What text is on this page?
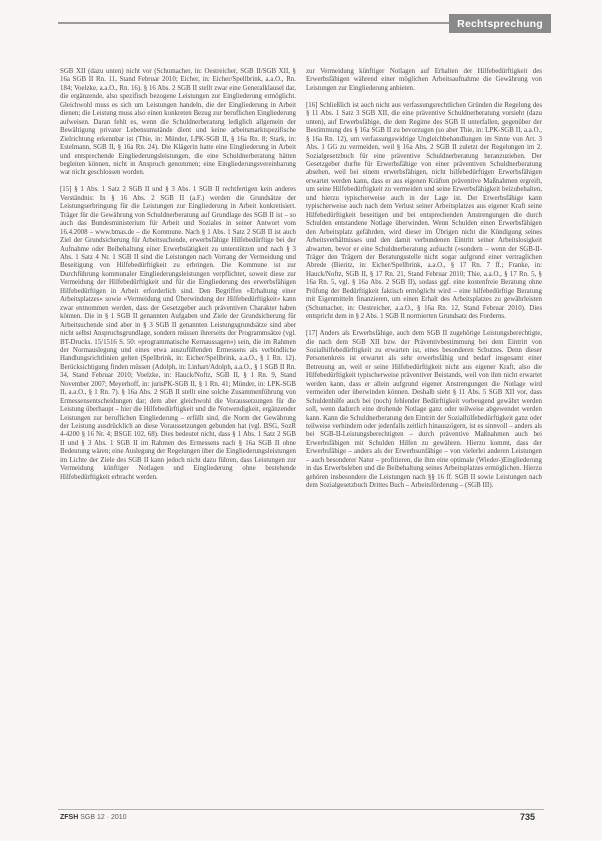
Rechtsprechung

SGB XII (dazu unten) nicht vor (Schumacher, in: Oestreicher, SGB II/SGB XII, § 16a SGB II Rn. 11, Stand Februar 2010; Eicher, in: Eicher/Spellbrink, a.a.O., Rn. 184; Voelzke, a.a.O., Rn. 16). § 16 Abs. 2 SGB II stellt zwar eine Generalklausel dar, die ergänzende, also spezifisch bezogene Leistungen zur Eingliederung ermöglicht. Gleichwohl muss es sich um Leistungen handeln, die der Eingliederung in Arbeit dienen; die Leistung muss also einen konkreten Bezug zur beruflichen Eingliederung aufweisen. Daran fehlt es, wenn die Schuldnerberatung lediglich allgemein der Bewältigung privater Lebensumstände dient und keine arbeitsmarktspezifische Zielrichtung erkennbar ist (Thie, in: Münder, LPK-SGB II, § 16a Rn. 8; Stark, in: Estelmann, SGB II, § 16a Rn. 24). Die Klägerin hatte eine Eingliederung in Arbeit und entsprechende Eingliederungsleistungen, die eine Schuldnerberatung hätten begleiten können, nicht in Anspruch genommen; eine Eingliederungsvereinbarung war nicht geschlossen worden.

[15] § 1 Abs. 1 Satz 2 SGB II und § 3 Abs. 1 SGB II rechtfertigen kein anderes Verständnis: In § 16 Abs. 2 SGB II (a.F.) werden die Grundsätze der Leistungserbringung für die Leistungen zur Eingliederung in Arbeit konkretisiert. Träger für die Gewährung von Schuldnerberatung auf Grundlage des SGB II ist – so auch das Bundesministerium für Arbeit und Soziales in seiner Antwort vom 16.4.2008 – www.bmas.de – die Kommune. Nach § 1 Abs. 1 Satz 2 SGB II ist auch Ziel der Grundsicherung für Arbeitsuchende, erwerbsfähige Hilfebedürftige bei der Aufnahme oder Beibehaltung einer Erwerbstätigkeit zu unterstützen und nach § 3 Abs. 1 Satz 4 Nr. 1 SGB II sind die Leistungen nach Vorrang der Vermeidung und Beseitigung von Hilfebedürftigkeit zu erbringen. Die Kommune ist zur Durchführung kommunaler Eingliederungsleistungen verpflichtet, soweit diese zur Vermeidung der Hilfebedürftigkeit und für die Eingliederung des erwerbsfähigen Hilfebedürftigen in Arbeit erforderlich sind. Den Begriffen »Erhaltung einer Arbeitsplatzes« sowie »Vermeidung und Überwindung der Hilfebedürftigkeit« kann zwar entnommen werden, dass der Gesetzgeber auch präventiven Charakter haben können. Die in § 1 SGB II genannten Aufgaben und Ziele der Grundsicherung für Arbeitsuchende sind aber in § 3 SGB II genannten Leistungsgrundsätze sind aber nicht selbst Anspruchsgrundlage, sondern müssen ihrerseits der Programmsätze (vgl. BT-Drucks. 15/1516 S. 50: »programmatische Kernaussagen«) sein, die im Rahmen der Normauslegung und eines etwa auszufüllenden Ermessens als verbindliche Handlungsrichtlinien gelten (Spellbrink, in: Eicher/Spellbrink, a.a.O., § 1 Rn. 12). Berücksichtigung finden müssen (Adolph, in: Linhart/Adolph, a.a.O., § 1 SGB II Rn. 34, Stand Februar 2010; Voelzke, in: Hauck/Noftz, SGB II, § 1 Rn. 9, Stand November 2007; Meyerhoff, in: jurisPK-SGB II, § 1 Rn. 41; Münder, in: LPK-SGB II, a.a.O., § 1 Rn. 7). § 16a Abs. 2 SGB II stellt eine solche Zusammenführung von Ermessensentscheidungen dar; dem aber gleichwohl die Voraussetzungen für die Leistung überhaupt – hier die Hilfebedürftigkeit und die Notwendigkeit, ergänzender Leistungen zur beruflichen Eingliederung – erfüllt sind, die Norm der Gewährung der Leistung ausdrücklich an diese Voraussetzungen gebunden hat (vgl. BSG, SozR 4-4200 § 16 Nr. 4; BSGE 102, 68). Dies bedeutet nicht, dass § 1 Abs. 1 Satz 2 SGB II und § 3 Abs. 1 SGB II im Rahmen des Ermessens nach § 16a SGB II ohne Bedeutung wären; eine Auslegung der Regelungen über die Eingliederungsleistungen im Lichte der Ziele des SGB II kann jedoch nicht dazu führen, dass Leistungen zur Vermeidung künftiger Notlagen und Eingliederung ohne bestehende Hilfebedürftigkeit erbracht werden.

zur Vermeidung künftiger Notlagen auf Erhalten der Hilfebedürftigkeit des Erwerbsfähigen während einer möglichen Arbeitsaufnahme die Gewährung von Leistungen zur Eingliederung anbieten.

[16] Schließlich ist auch nicht aus verfassungsrechtlichen Gründen die Regelung des § 11 Abs. 1 Satz 3 SGB XII, die eine präventive Schuldnerberatung vorsieht (dazu unten), auf Erwerbsfähige, die dem Regime des SGB II unterfallen, gegenüber der Bestimmung des § 16a SGB II zu bevorzugen (so aber Thie, in: LPK-SGB II, a.a.O., § 16a Rn. 12), um verfassungswidrige Ungleichbehandlungen im Sinne von Art. 3 Abs. 1 GG zu vermeiden, weil § 16a Abs. 2 SGB II zuletzt der Regelungen im 2. Sozialgesetzbuch für eine präventive Schuldnerberatung heranzuziehen. Der Gesetzgeber durfte für Erwerbsfähige von einer präventiven Schuldnerberatung absehen, weil bei einem erwerbsfähigen, nicht hilfebedürftigen Erwerbsfähigen erwartet werden kann, dass er aus eigenen Kräften präventive Maßnahmen ergreift, um seine Hilfebedürftigkeit zu vermeiden und seine Erwerbsfähigkeit beizubehalten, und hierzu typischerweise auch in der Lage ist. Der Erwerbsfähige kann typischerweise auch nach dem Verlust seiner Arbeitsplatzes aus eigener Kraft seine Hilfebedürftigkeit beseitigen und bei entsprechenden Anstrengungen die durch Schulden entstandene Notlage überwinden. Wenn Schulden einen Erwerbsfähigen den Arbeitsplatz gefährden, wird dieser im Übrigen nicht die Kündigung seines Arbeitsverhältnisses und den damit verbundenen Eintritt seiner Arbeitslosigkeit abwarten, bevor er eine Schuldnerberatung aufsucht (»sondern – wenn der SGB-II-Träger den Trägern der Beratungsstelle nicht sogar aufgrund einer vertraglichen Abrede (Bieritz, in: Eicher/Spellbrink, a.a.O., § 17 Rn. 7 ff.; Franke, in: Hauck/Noftz, SGB II, § 17 Rn. 21, Stand Februar 2010; Thie, a.a.O., § 17 Rn. 5, § 16a Rn. 5, vgl. § 16a Abs. 2 SGB II), sodass ggf. eine kostenfreie Beratung ohne Prüfung der Bedürftigkeit faktisch ermöglicht wird – eine hilfebedürftige Beratung mit Eigenmitteln finanzieren, um einen Erhalt des Arbeitsplatzes zu gewährleisten (Schumacher, in: Oestreicher, a.a.O., § 16a Rn. 12, Stand Februar 2010). Dies entspricht dem in § 2 Abs. 1 SGB II normierten Grundsatz des Forderns.

[17] Anders als Erwerbsfähige, auch dem SGB II zugehörige Leistungsberechtigte, die nach dem SGB XII bzw. der Präventivbestimmung bei dem Eintritt von Sozialhilfebedürftigkeit zu erwarten ist, eines besonderen Schutzes. Denn dieser Personenkreis ist erwartet als sehr erwerbsfähig und bedarf insgesamt einer Betreuung an, weil er seine Hilfebedürftigkeit nicht aus eigener Kraft, also die Hilfebedürftigkeit typischerweise präventiver Beistands, weil von ihm nicht erwartet werden kann, dass er allein aufgrund eigener Anstrengungen die Notlage wird vermeiden oder überwinden können. Deshalb sieht § 11 Abs. 5 SGB XII vor, dass Schuldenhilfe auch bei (noch) fehlender Bedürftigkeit vorbeugend gewährt werden soll, wenn dadurch eine drohende Notlage ganz oder teilweise abgewendet werden kann. Kann die Schuldnerberatung den Eintritt der Sozialhilfebedürftigkeit ganz oder teilweise verhindern oder jedenfalls zeitlich hinauszögern, ist es sinnvoll – anders als bei SGB-II-Leistungsberechtigten – durch präventive Maßnahmen auch bei Erwerbsfähigen mit Schulden Hilfen zu gewähren. Hierzu kommt, dass der Erwerbsfähige – anders als der Erwerbsunfähige – von vielerlei anderen Leistungen – auch besonderer Natur – profitieren, die ihm eine optimale (Wieder-)Eingliederung in das Erwerbsleben und die Beibehaltung seines Arbeitsplatzes ermöglichen. Hierzu gehören insbesondere die Leistungen nach §§ 16 ff. SGB II sowie Leistungen nach dem Sozialgesetzbuch Drittes Buch – Arbeitsförderung – (SGB III).

ZFSH SGB 12 · 2010	735
